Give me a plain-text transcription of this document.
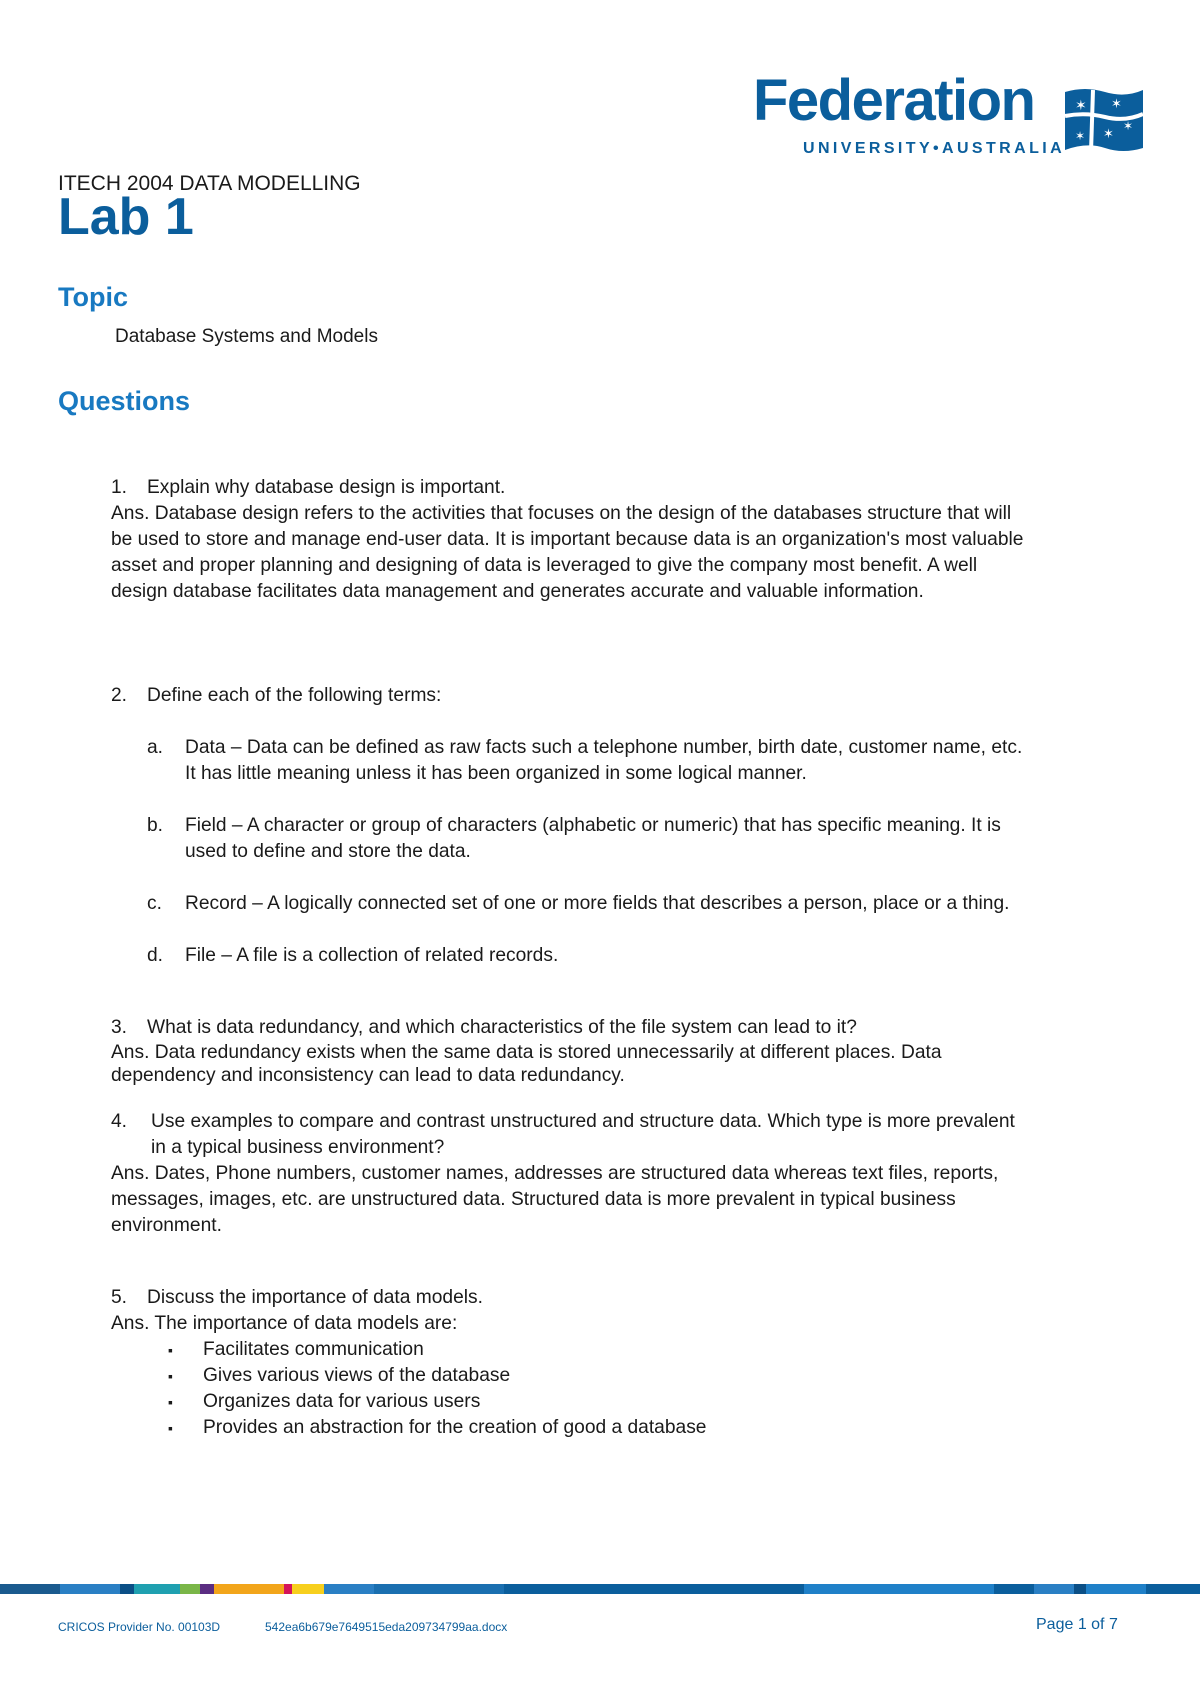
Federation
UNIVERSITY•AUSTRALIA
✶ ✶
✶
✶
✶
ITECH 2004 DATA MODELLING
Lab 1
Topic
Database Systems and Models
Questions

1. Explain why database design is important.

Ans. Database design refers to the activities that focuses on the design of the databases structure that will be used to store and manage end-user data. It is important because data is an organization's most valuable asset and proper planning and designing of data is leveraged to give the company most benefit. A well design database facilitates data management and generates accurate and valuable information.

2. Define each of the following terms:

a. Data – Data can be defined as raw facts such a telephone number, birth date, customer name, etc. It has little meaning unless it has been organized in some logical manner.

b. Field – A character or group of characters (alphabetic or numeric) that has specific meaning. It is used to define and store the data.

c. Record – A logically connected set of one or more fields that describes a person, place or a thing.

d. File – A file is a collection of related records.

3. What is data redundancy, and which characteristics of the file system can lead to it?

Ans. Data redundancy exists when the same data is stored unnecessarily at different places. Data dependency and inconsistency can lead to data redundancy.

4. Use examples to compare and contrast unstructured and structure data. Which type is more prevalent in a typical business environment?

Ans. Dates, Phone numbers, customer names, addresses are structured data whereas text files, reports, messages, images, etc. are unstructured data. Structured data is more prevalent in typical business environment.

5. Discuss the importance of data models.

Ans. The importance of data models are:

▪ Facilitates communication

▪ Gives various views of the database

▪ Organizes data for various users

▪ Provides an abstraction for the creation of good a database

CRICOS Provider No. 00103D	542ea6b679e7649515eda209734799aa.docx	Page 1 of 7
